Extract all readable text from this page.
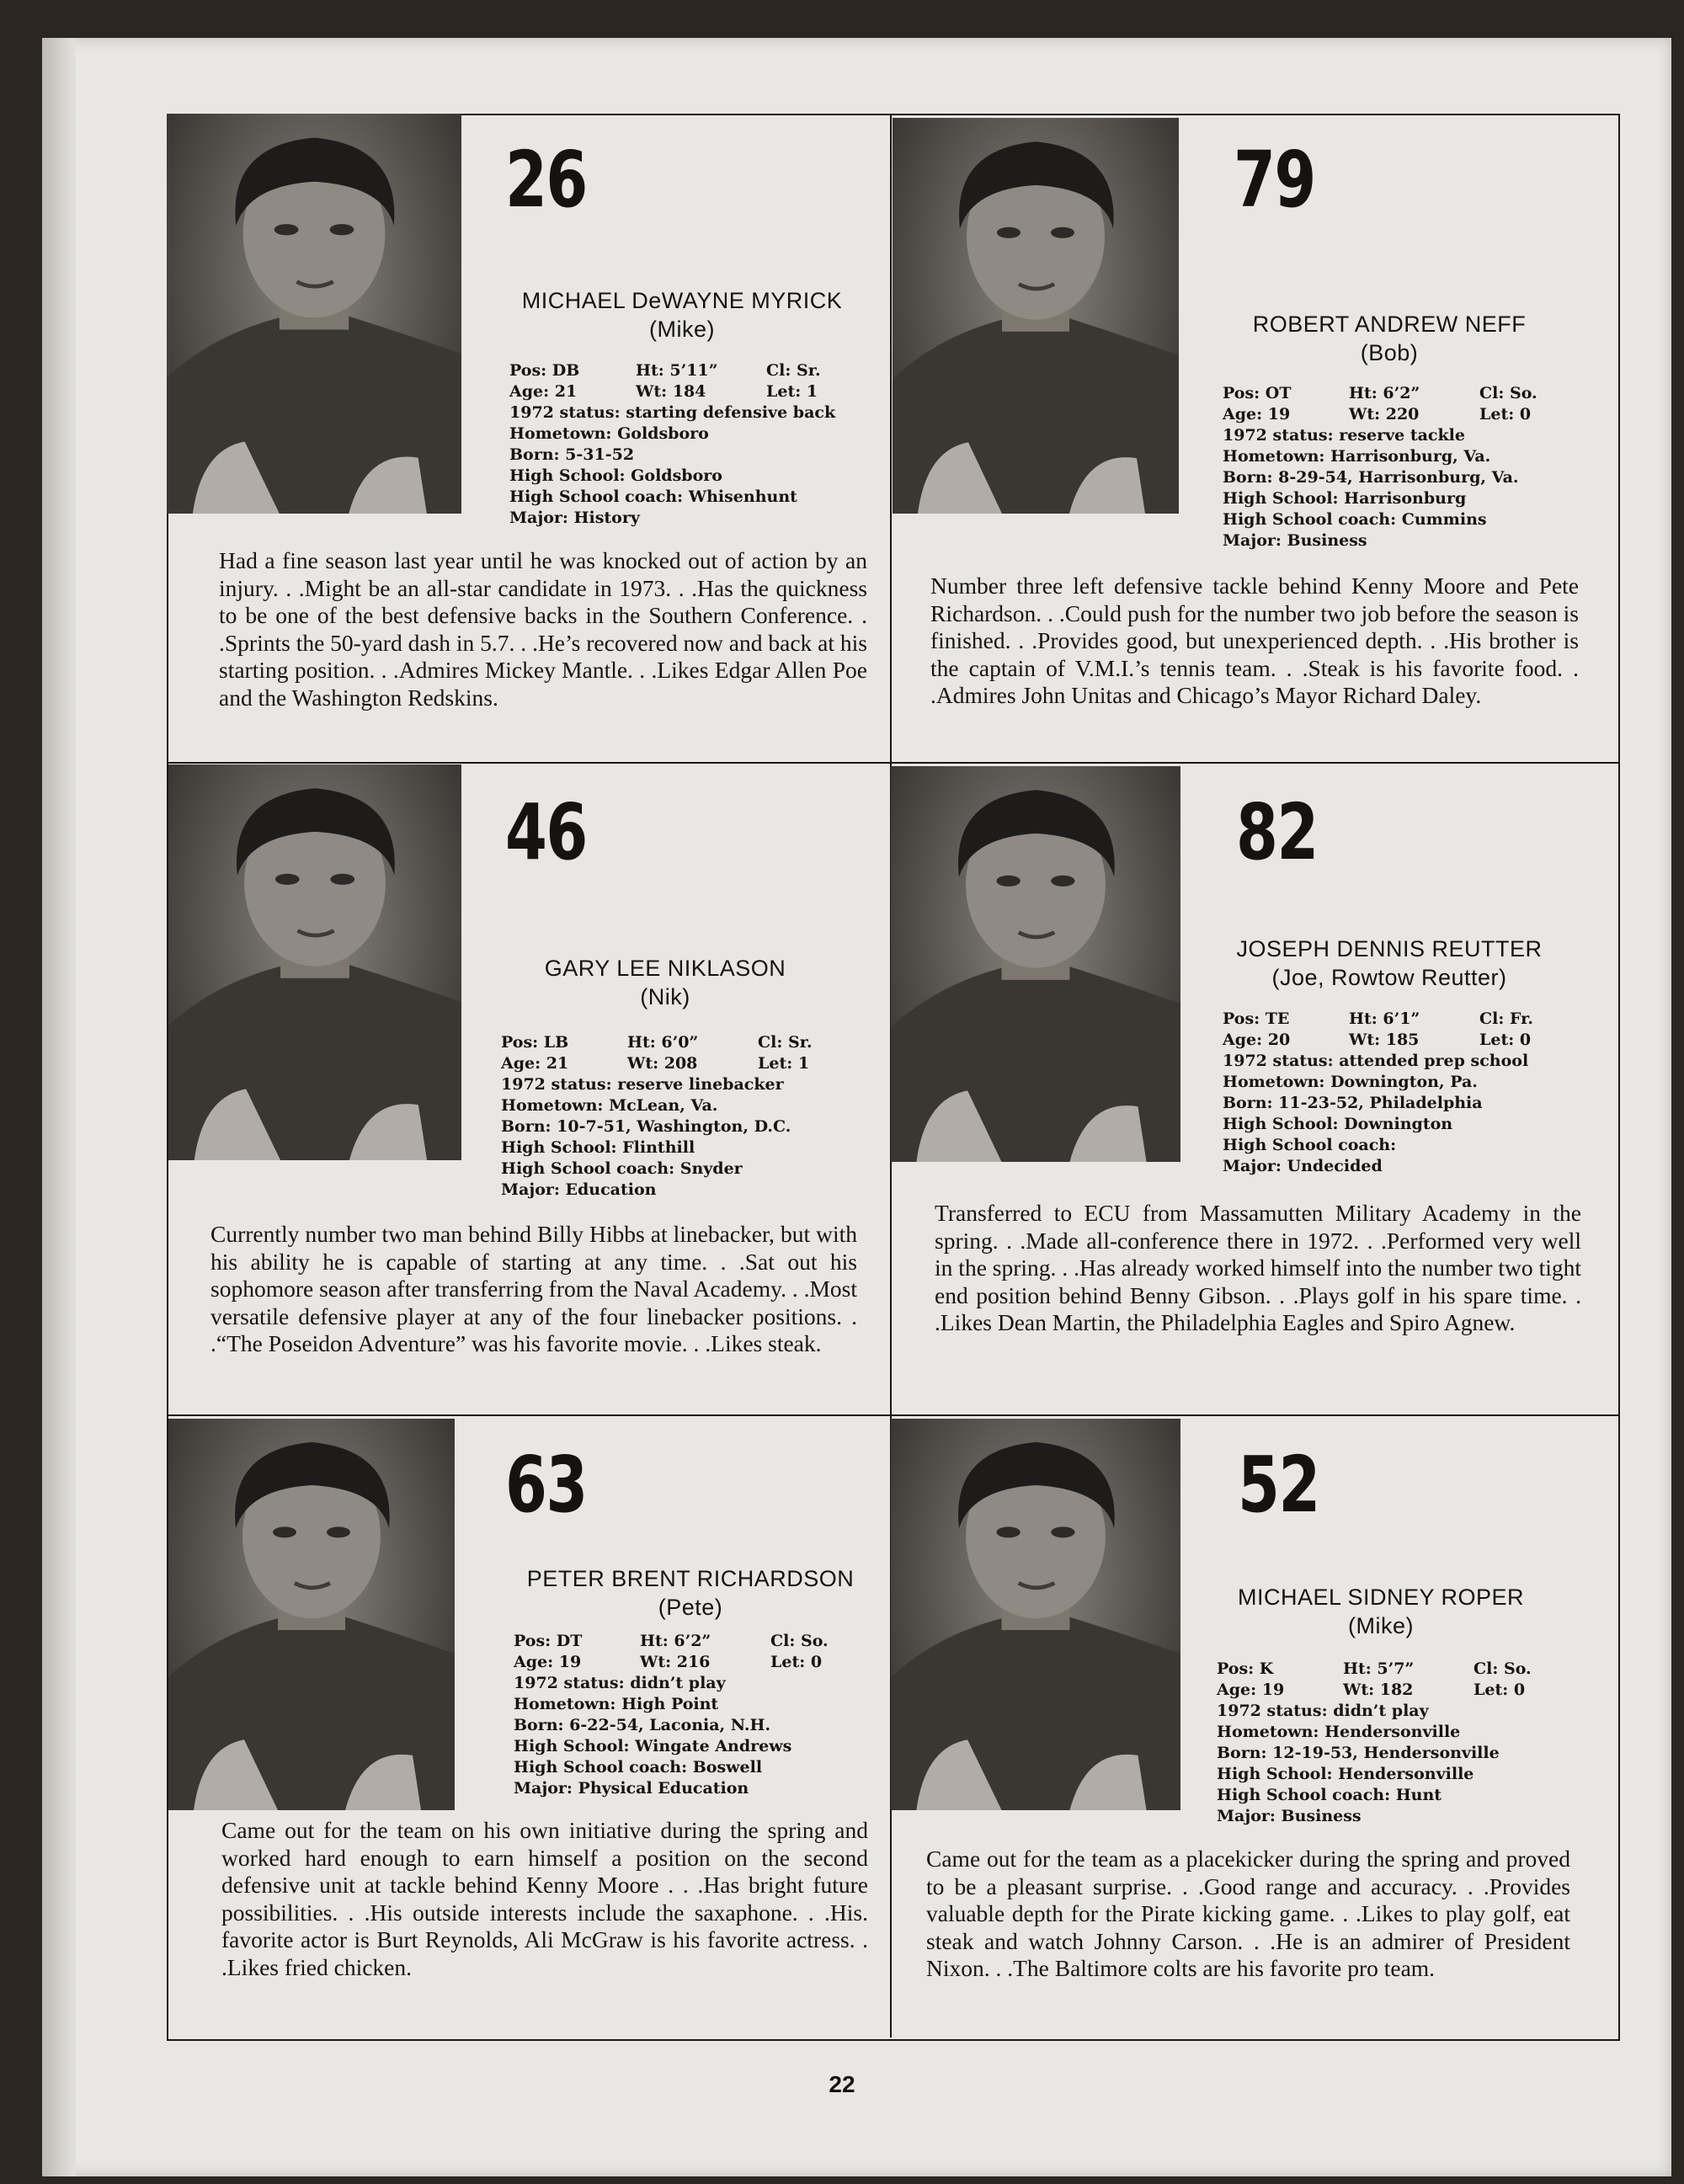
26
MICHAEL DeWAYNE MYRICK
(Mike)
Pos: DB	Ht: 5’11”	Cl: Sr.
Age: 21	Wt: 184	Let: 1
1972 status: starting defensive back
Hometown: Goldsboro
Born: 5-31-52
High School: Goldsboro
High School coach: Whisenhunt
Major: History
Had a fine season last year until he was knocked out of action by an injury. . .Might be an all-star candidate in 1973. . .Has the quickness to be one of the best defensive backs in the Southern Conference. . .Sprints the 50-yard dash in 5.7. . .He’s recovered now and back at his starting position. . .Admires Mickey Mantle. . .Likes Edgar Allen Poe and the Washington Redskins.
79
ROBERT ANDREW NEFF
(Bob)
Pos: OT	Ht: 6’2”	Cl: So.
Age: 19	Wt: 220	Let: 0
1972 status: reserve tackle
Hometown: Harrisonburg, Va.
Born: 8-29-54, Harrisonburg, Va.
High School: Harrisonburg
High School coach: Cummins
Major: Business
Number three left defensive tackle behind Kenny Moore and Pete Richardson. . .Could push for the number two job before the season is finished. . .Provides good, but unexperienced depth. . .His brother is the captain of V.M.I.’s tennis team. . .Steak is his favorite food. . .Admires John Unitas and Chicago’s Mayor Richard Daley.
46
GARY LEE NIKLASON
(Nik)
Pos: LB	Ht: 6’0”	Cl: Sr.
Age: 21	Wt: 208	Let: 1
1972 status: reserve linebacker
Hometown: McLean, Va.
Born: 10-7-51, Washington, D.C.
High School: Flinthill
High School coach: Snyder
Major: Education
Currently number two man behind Billy Hibbs at linebacker, but with his ability he is capable of starting at any time. . .Sat out his sophomore season after transferring from the Naval Academy. . .Most versatile defensive player at any of the four linebacker positions. . .“The Poseidon Adventure” was his favorite movie. . .Likes steak.
82
JOSEPH DENNIS REUTTER
(Joe, Rowtow Reutter)
Pos: TE	Ht: 6’1”	Cl: Fr.
Age: 20	Wt: 185	Let: 0
1972 status: attended prep school
Hometown: Downington, Pa.
Born: 11-23-52, Philadelphia
High School: Downington
High School coach:
Major: Undecided
Transferred to ECU from Massamutten Military Academy in the spring. . .Made all-conference there in 1972. . .Performed very well in the spring. . .Has already worked himself into the number two tight end position behind Benny Gibson. . .Plays golf in his spare time. . .Likes Dean Martin, the Philadelphia Eagles and Spiro Agnew.
63
PETER BRENT RICHARDSON
(Pete)
Pos: DT	Ht: 6’2”	Cl: So.
Age: 19	Wt: 216	Let: 0
1972 status: didn’t play
Hometown: High Point
Born: 6-22-54, Laconia, N.H.
High School: Wingate Andrews
High School coach: Boswell
Major: Physical Education
Came out for the team on his own initiative during the spring and worked hard enough to earn himself a position on the second defensive unit at tackle behind Kenny Moore . . .Has bright future possibilities. . .His outside interests include the saxaphone. . .His. favorite actor is Burt Reynolds, Ali McGraw is his favorite actress. . .Likes fried chicken.
52
MICHAEL SIDNEY ROPER
(Mike)
Pos: K	Ht: 5’7”	Cl: So.
Age: 19	Wt: 182	Let: 0
1972 status: didn’t play
Hometown: Hendersonville
Born: 12-19-53, Hendersonville
High School: Hendersonville
High School coach: Hunt
Major: Business
Came out for the team as a placekicker during the spring and proved to be a pleasant surprise. . .Good range and accuracy. . .Provides valuable depth for the Pirate kicking game. . .Likes to play golf, eat steak and watch Johnny Carson. . .He is an admirer of President Nixon. . .The Baltimore colts are his favorite pro team.
22
